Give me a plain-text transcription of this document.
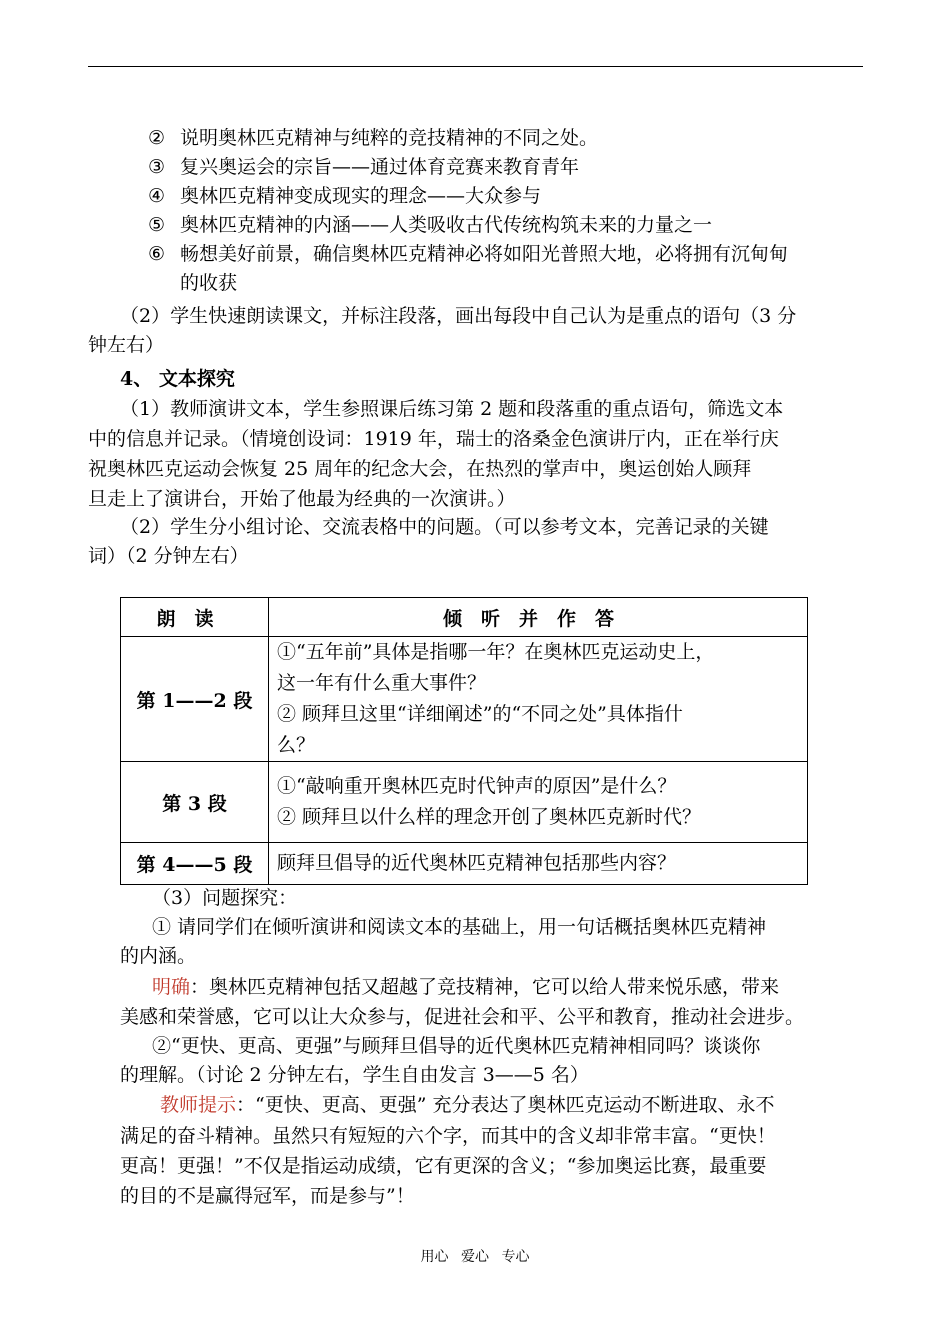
② 说明奥林匹克精神与纯粹的竞技精神的不同之处。
③ 复兴奥运会的宗旨——通过体育竞赛来教育青年
④ 奥林匹克精神变成现实的理念——大众参与
⑤ 奥林匹克精神的内涵——人类吸收古代传统构筑未来的力量之一
⑥ 畅想美好前景，确信奥林匹克精神必将如阳光普照大地，必将拥有沉甸甸
的收获
（2）学生快速朗读课文，并标注段落，画出每段中自己认为是重点的语句（3 分
钟左右）
4、 文本探究
（1）教师演讲文本，学生参照课后练习第 2 题和段落重的重点语句，筛选文本
中的信息并记录。（情境创设词：1919 年，瑞士的洛桑金色演讲厅内，正在举行庆
祝奥林匹克运动会恢复 25 周年的纪念大会，在热烈的掌声中，奥运创始人顾拜
旦走上了演讲台，开始了他最为经典的一次演讲。）
（2）学生分小组讨论、交流表格中的问题。（可以参考文本，完善记录的关键
词）（2 分钟左右）
朗读	倾听并作答
第 1——2 段	①“五年前”具体是指哪一年？在奥林匹克运动史上，
这一年有什么重大事件？
② 顾拜旦这里“详细阐述”的“不同之处”具体指什
么？

第 3 段	①“敲响重开奥林匹克时代钟声的原因”是什么？
② 顾拜旦以什么样的理念开创了奥林匹克新时代？

第 4——5 段	顾拜旦倡导的近代奥林匹克精神包括那些内容？
（3）问题探究：
① 请同学们在倾听演讲和阅读文本的基础上，用一句话概括奥林匹克精神
的内涵。
明确：奥林匹克精神包括又超越了竞技精神，它可以给人带来悦乐感，带来
美感和荣誉感，它可以让大众参与，促进社会和平、公平和教育，推动社会进步。
②“更快、更高、更强”与顾拜旦倡导的近代奥林匹克精神相同吗？谈谈你
的理解。（讨论 2 分钟左右，学生自由发言 3——5 名）
教师提示：“更快、更高、更强” 充分表达了奥林匹克运动不断进取、永不
满足的奋斗精神。虽然只有短短的六个字，而其中的含义却非常丰富。“更快！
更高！更强！”不仅是指运动成绩，它有更深的含义；“参加奥运比赛，最重要
的目的不是赢得冠军，而是参与”！
用心 爱心 专心
